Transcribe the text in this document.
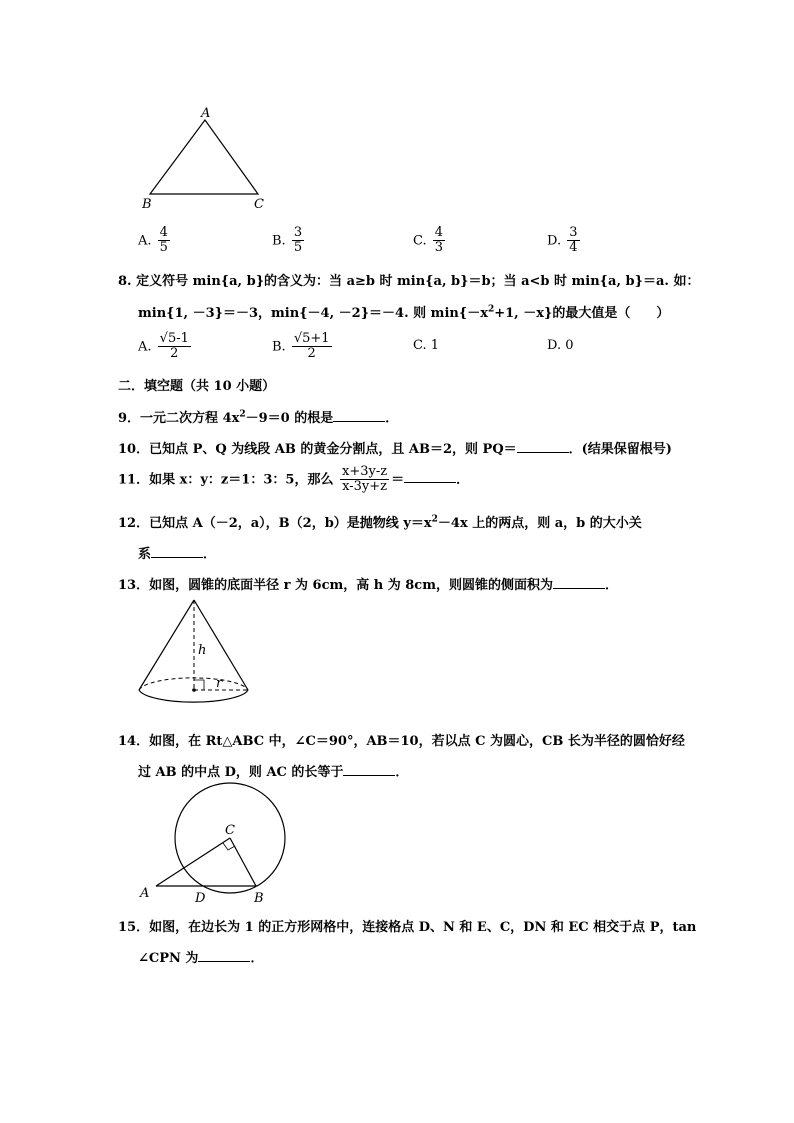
A
B	C
A. $\frac{4}{5}$	B. $\frac{3}{5}$	C. $\frac{4}{3}$	D. $\frac{3}{4}$
8. 定义符号 min{a, b}的含义为：当 a≥b 时 min{a, b}＝b；当 a<b 时 min{a, b}＝a. 如：
min{1, －3}＝－3，min{－4, －2}＝－4. 则 $\min\{-x^2+1$, －x}的最大值是（　　）
A. $\frac{√5-1}{2}$	B. $\frac{√5+1}{2}$	C. 1	D. 0
二．填空题（共 10 小题）
9．一元二次方程 $4x^2-9=0$ 的根是	．
10．已知点 P、Q 为线段 AB 的黄金分割点，且 AB＝2，则 PQ＝	．(结果保留根号)
11．如果 x：y：z＝1：3：5，那么 $\frac{x+3y-z}{x-3y+z}$ ＝	．
12．已知点 A（－2，a），B（2，b）是抛物线 $y=x^2-4x$ 上的两点，则 a，b 的大小关
系	．
13．如图，圆锥的底面半径 r 为 6cm，高 h 为 8cm，则圆锥的侧面积为	．
h
r
14．如图，在 Rt△ABC 中，∠C＝90°，AB＝10，若以点 C 为圆心，CB 长为半径的圆恰好经
过 AB 的中点 D，则 AC 的长等于	．
C
A	D	B
15．如图，在边长为 1 的正方形网格中，连接格点 D、N 和 E、C，DN 和 EC 相交于点 P，tan
∠CPN 为	．
